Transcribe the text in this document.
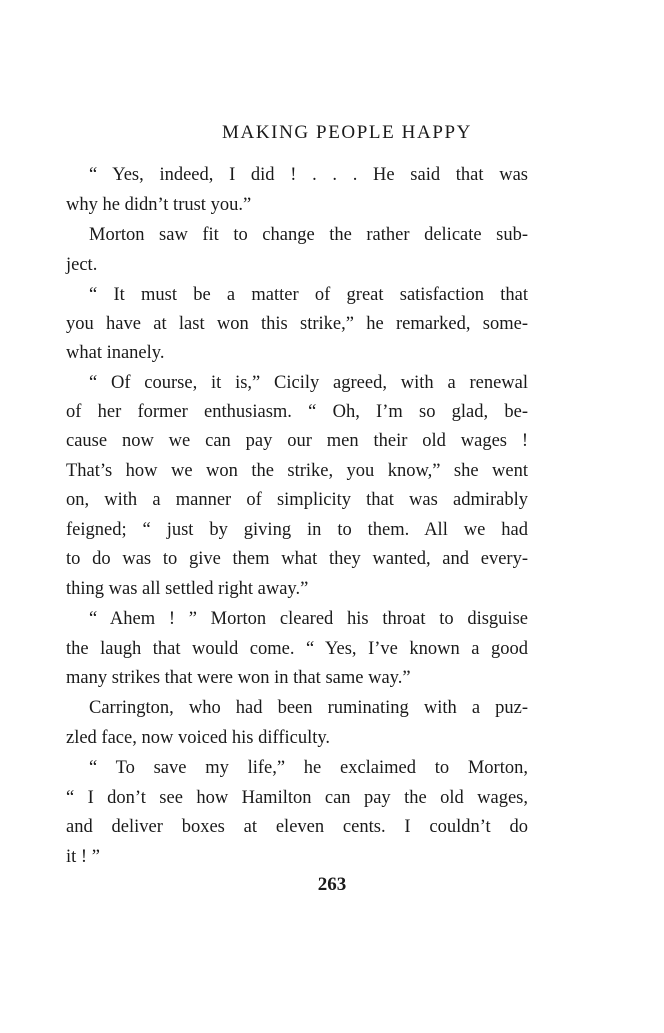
MAKING PEOPLE HAPPY
“ Yes, indeed, I did ! . . . He said that was
why he didn’t trust you.”
Morton saw fit to change the rather delicate sub-
ject.
“ It must be a matter of great satisfaction that
you have at last won this strike,” he remarked, some-
what inanely.
“ Of course, it is,” Cicily agreed, with a renewal
of her former enthusiasm. “ Oh, I’m so glad, be-
cause now we can pay our men their old wages !
That’s how we won the strike, you know,” she went
on, with a manner of simplicity that was admirably
feigned; “ just by giving in to them. All we had
to do was to give them what they wanted, and every-
thing was all settled right away.”
“ Ahem ! ” Morton cleared his throat to disguise
the laugh that would come. “ Yes, I’ve known a good
many strikes that were won in that same way.”
Carrington, who had been ruminating with a puz-
zled face, now voiced his difficulty.
“ To save my life,” he exclaimed to Morton,
“ I don’t see how Hamilton can pay the old wages,
and deliver boxes at eleven cents. I couldn’t do
it ! ”
263
